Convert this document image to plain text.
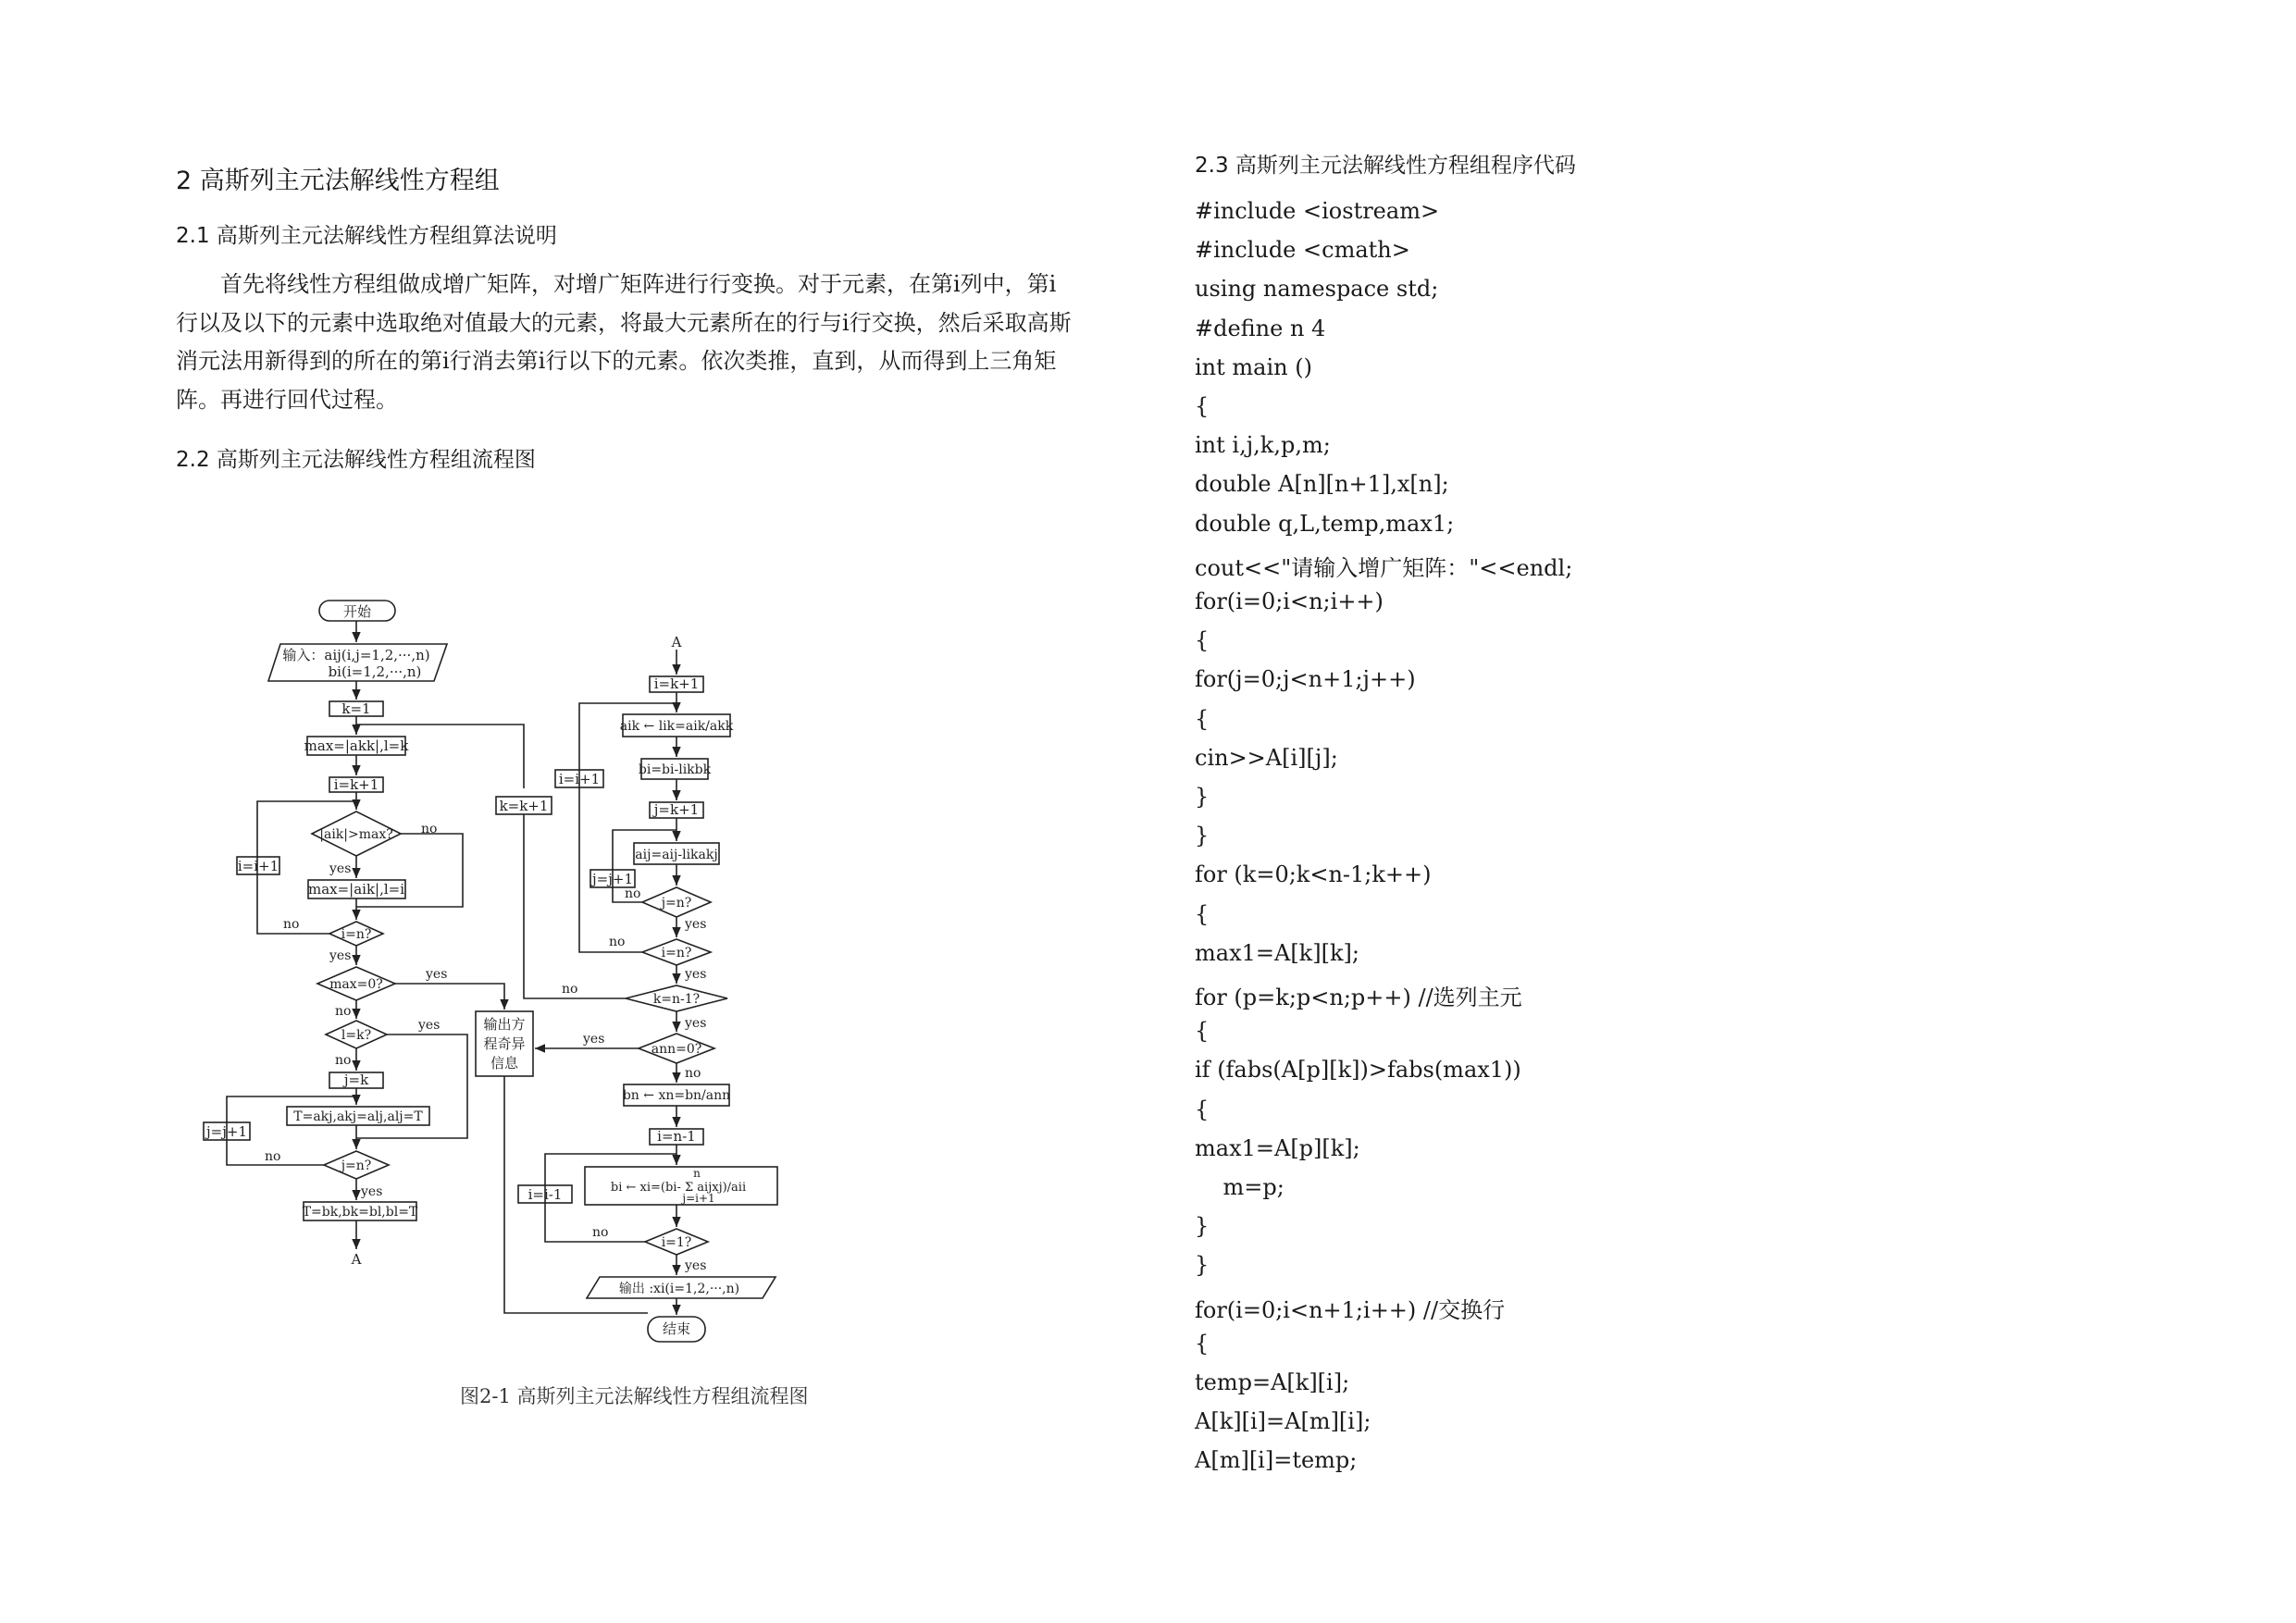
2 高斯列主元法解线性方程组
2.1 高斯列主元法解线性方程组算法说明
首先将线性方程组做成增广矩阵，对增广矩阵进行行变换。对于元素，在第i列中，第i
行以及以下的元素中选取绝对值最大的元素，将最大元素所在的行与i行交换，然后采取高斯
消元法用新得到的所在的第i行消去第i行以下的元素。依次类推，直到，从而得到上三角矩
阵。再进行回代过程。
2.2 高斯列主元法解线性方程组流程图
开始
输入：aij(i,j=1,2,···,n)
bi(i=1,2,···,n)
k=1
max=|akk|,l=k
i=k+1
|aik|>max?
max=|aik|,l=i
i=i+1
i=n?
max=0?
l=k?
j=k
T=akj,akj=alj,alj=T
j=j+1
j=n?
T=bk,bk=bl,bl=T
A
k=k+1
输出方
程奇异
信息
A
i=k+1
aik ← lik=aik/akk
bi=bi-likbk
j=k+1
aij=aij-likakj
j=n?
j=j+1
i=n?
i=i+1
k=n-1?
ann=0?
bn ← xn=bn/ann
i=n-1
bi ← xi=(bi- Σ aijxj)/aii
n
j=i+1
i=i-1
i=1?
输出 :xi(i=1,2,···,n)
结束
no
yes
no
yes
yes
no
yes
no
no
yes
no
yes
no
yes
no
yes
yes
no
no
yes
图2-1 高斯列主元法解线性方程组流程图
2.3 高斯列主元法解线性方程组程序代码
#include <iostream>
#include <cmath>
using namespace std;
#define n 4
int main ()
{
int i,j,k,p,m;
double A[n][n+1],x[n];
double q,L,temp,max1;
cout<<"请输入增广矩阵："<<endl;
for(i=0;i<n;i++)
{
for(j=0;j<n+1;j++)
{
cin>>A[i][j];
}
}
for (k=0;k<n-1;k++)
{
max1=A[k][k];
for (p=k;p<n;p++) //选列主元
{
if (fabs(A[p][k])>fabs(max1))
{
max1=A[p][k];
m=p;
}
}
for(i=0;i<n+1;i++) //交换行
{
temp=A[k][i];
A[k][i]=A[m][i];
A[m][i]=temp;
